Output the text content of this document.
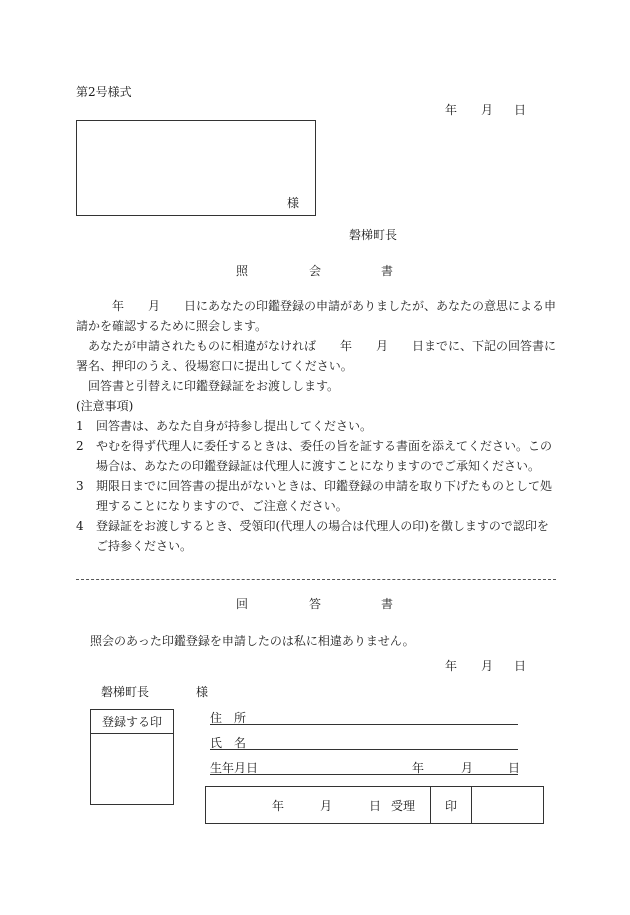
第2号様式
年 月 日
様
磐梯町長
照	会	書
　　　年　　月　　日にあなたの印鑑登録の申請がありましたが、あなたの意思による申請かを確認するために照会します。
　あなたが申請されたものに相違がなければ　　年　　月　　日までに、下記の回答書に署名、押印のうえ、役場窓口に提出してください。
　回答書と引替えに印鑑登録証をお渡しします。
(注意事項)
1	回答書は、あなた自身が持参し提出してください。
2	やむを得ず代理人に委任するときは、委任の旨を証する書面を添えてください。この場合は、あなたの印鑑登録証は代理人に渡すことになりますのでご承知ください。
3	期限日までに回答書の提出がないときは、印鑑登録の申請を取り下げたものとして処理することになりますので、ご注意ください。
4	登録証をお渡しするとき、受領印(代理人の場合は代理人の印)を徴しますので認印をご持参ください。
回	答	書
照会のあった印鑑登録を申請したのは私に相違ありません。
年 月 日
磐梯町長	様
登録する印	住　所
氏　名
生年月日	年	月	日
年	月	日 受理 印
